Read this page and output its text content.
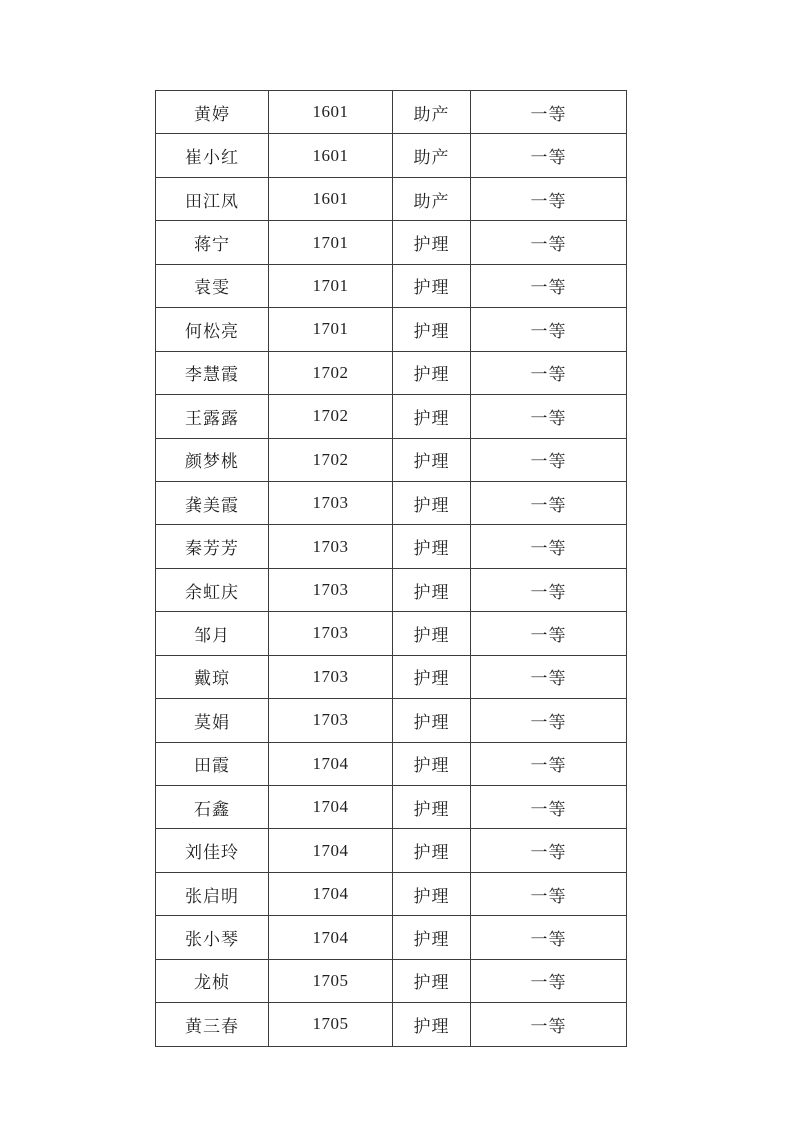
黄婷	1601	助产	一等
崔小红	1601	助产	一等
田江凤	1601	助产	一等
蒋宁	1701	护理	一等
袁雯	1701	护理	一等
何松亮	1701	护理	一等
李慧霞	1702	护理	一等
王露露	1702	护理	一等
颜梦桃	1702	护理	一等
龚美霞	1703	护理	一等
秦芳芳	1703	护理	一等
余虹庆	1703	护理	一等
邹月	1703	护理	一等
戴琼	1703	护理	一等
莫娟	1703	护理	一等
田霞	1704	护理	一等
石鑫	1704	护理	一等
刘佳玲	1704	护理	一等
张启明	1704	护理	一等
张小琴	1704	护理	一等
龙桢	1705	护理	一等
黄三春	1705	护理	一等
